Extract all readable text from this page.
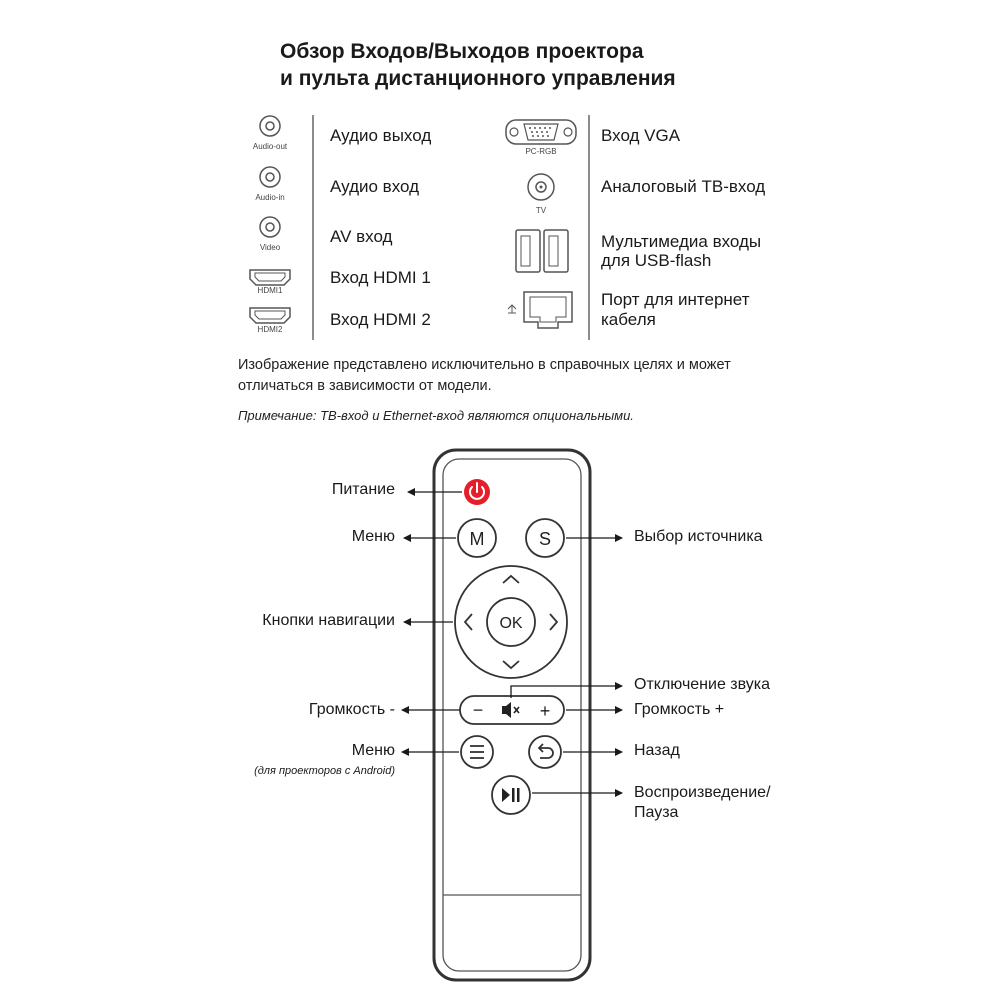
Обзор Входов/Выходов проектора
и пульта дистанционного управления
Audio-out
Audio-in
Video
HDMI1
HDMI2
Аудио выход
Аудио вход
AV вход
Вход HDMI 1
Вход HDMI 2
PC-RGB
TV
Вход VGA
Аналоговый ТВ-вход
Мультимедиа входы
для USB-flash
Порт для интернет
кабеля
Изображение представлено исключительно в справочных целях и может отличаться в зависимости от модели.
Примечание: ТВ-вход и Ethernet-вход являются опциональными.
M	S
OK
−	+
Питание
Меню
Кнопки навигации
Громкость -
Меню
(для проекторов с Android)
Выбор источника
Отключение звука
Громкость +
Назад
Воспроизведение/
Пауза
